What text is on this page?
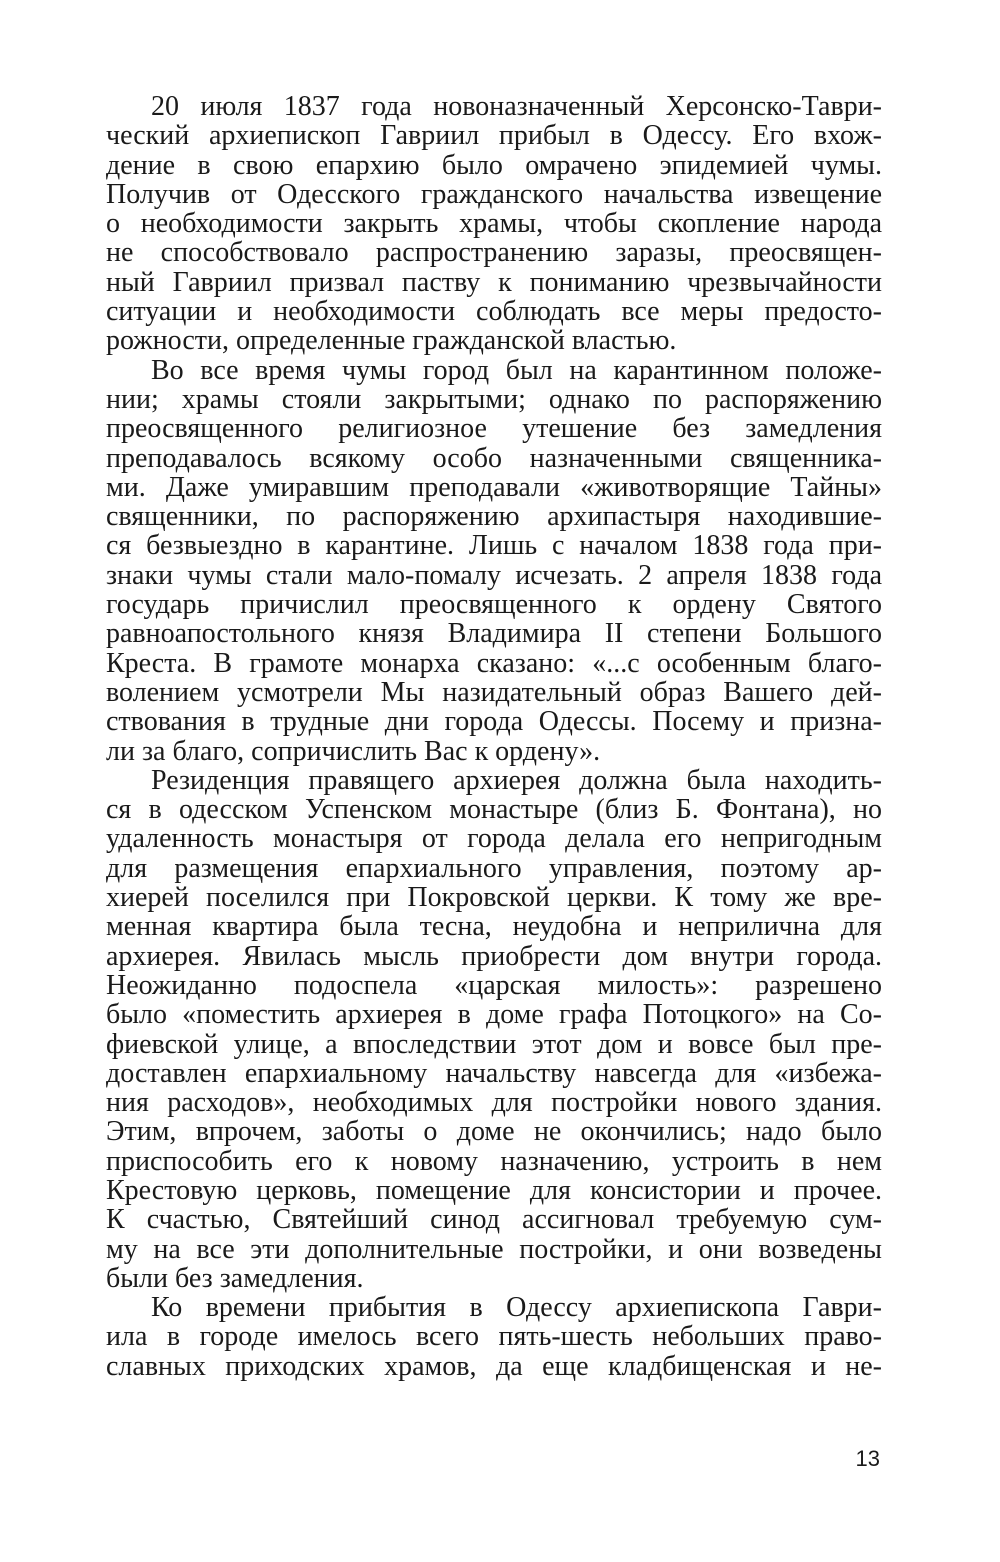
20 июля 1837 года новоназначенный Херсонско-Таври-
ческий архиепископ Гавриил прибыл в Одессу. Его вхож-
дение в свою епархию было омрачено эпидемией чумы.
Получив от Одесского гражданского начальства извещение
о необходимости закрыть храмы, чтобы скопление народа
не способствовало распространению заразы, преосвящен-
ный Гавриил призвал паству к пониманию чрезвычайности
ситуации и необходимости соблюдать все меры предосто-
рожности, определенные гражданской властью.
Во все время чумы город был на карантинном положе-
нии; храмы стояли закрытыми; однако по распоряжению
преосвященного религиозное утешение без замедления
преподавалось всякому особо назначенными священника-
ми. Даже умиравшим преподавали «животворящие Тайны»
священники, по распоряжению архипастыря находившие-
ся безвыездно в карантине. Лишь с началом 1838 года при-
знаки чумы стали мало-помалу исчезать. 2 апреля 1838 года
государь причислил преосвященного к ордену Святого
равноапостольного князя Владимира II степени Большого
Креста. В грамоте монарха сказано: «...с особенным благо-
волением усмотрели Мы назидательный образ Вашего дей-
ствования в трудные дни города Одессы. Посему и призна-
ли за благо, сопричислить Вас к ордену».
Резиденция правящего архиерея должна была находить-
ся в одесском Успенском монастыре (близ Б. Фонтана), но
удаленность монастыря от города делала его непригодным
для размещения епархиального управления, поэтому ар-
хиерей поселился при Покровской церкви. К тому же вре-
менная квартира была тесна, неудобна и неприлична для
архиерея. Явилась мысль приобрести дом внутри города.
Неожиданно подоспела «царская милость»: разрешено
было «поместить архиерея в доме графа Потоцкого» на Со-
фиевской улице, а впоследствии этот дом и вовсе был пре-
доставлен епархиальному начальству навсегда для «избежа-
ния расходов», необходимых для постройки нового здания.
Этим, впрочем, заботы о доме не окончились; надо было
приспособить его к новому назначению, устроить в нем
Крестовую церковь, помещение для консистории и прочее.
К счастью, Святейший синод ассигновал требуемую сум-
му на все эти дополнительные постройки, и они возведены
были без замедления.
Ко времени прибытия в Одессу архиепископа Гаври-
ила в городе имелось всего пять-шесть небольших право-
славных приходских храмов, да еще кладбищенская и не-
13
